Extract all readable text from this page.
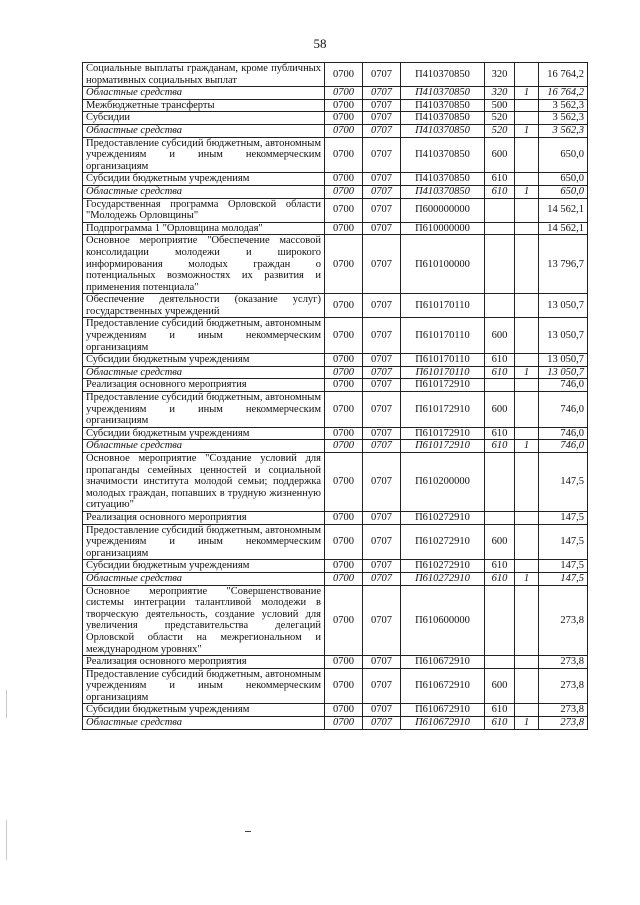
58
Социальные выплаты гражданам, кроме публичных нормативных социальных выплат	0700	0707	П410370850	320		16 764,2
Областные средства	0700	0707	П410370850	320	1	16 764,2
Межбюджетные трансферты	0700	0707	П410370850	500		3 562,3
Субсидии	0700	0707	П410370850	520		3 562,3
Областные средства	0700	0707	П410370850	520	1	3 562,3
Предоставление субсидий бюджетным, автономным учреждениям и иным некоммерческим организациям	0700	0707	П410370850	600		650,0
Субсидии бюджетным учреждениям	0700	0707	П410370850	610		650,0
Областные средства	0700	0707	П410370850	610	1	650,0
Государственная программа Орловской области "Молодежь Орловщины"	0700	0707	П600000000			14 562,1
Подпрограмма 1 "Орловщина молодая"	0700	0707	П610000000			14 562,1
Основное мероприятие "Обеспечение массовой консолидации молодежи и широкого информирования молодых граждан о потенциальных возможностях их развития и применения потенциала"	0700	0707	П610100000			13 796,7
Обеспечение деятельности (оказание услуг) государственных учреждений	0700	0707	П610170110			13 050,7
Предоставление субсидий бюджетным, автономным учреждениям и иным некоммерческим организациям	0700	0707	П610170110	600		13 050,7
Субсидии бюджетным учреждениям	0700	0707	П610170110	610		13 050,7
Областные средства	0700	0707	П610170110	610	1	13 050,7
Реализация основного мероприятия	0700	0707	П610172910			746,0
Предоставление субсидий бюджетным, автономным учреждениям и иным некоммерческим организациям	0700	0707	П610172910	600		746,0
Субсидии бюджетным учреждениям	0700	0707	П610172910	610		746,0
Областные средства	0700	0707	П610172910	610	1	746,0
Основное мероприятие "Создание условий для пропаганды семейных ценностей и социальной значимости института молодой семьи; поддержка молодых граждан, попавших в трудную жизненную ситуацию"	0700	0707	П610200000			147,5
Реализация основного мероприятия	0700	0707	П610272910			147,5
Предоставление субсидий бюджетным, автономным учреждениям и иным некоммерческим организациям	0700	0707	П610272910	600		147,5
Субсидии бюджетным учреждениям	0700	0707	П610272910	610		147,5
Областные средства	0700	0707	П610272910	610	1	147,5
Основное мероприятие "Совершенствование системы интеграции талантливой молодежи в творческую деятельность, создание условий для увеличения представительства делегаций Орловской области на межрегиональном и международном уровнях"	0700	0707	П610600000			273,8
Реализация основного мероприятия	0700	0707	П610672910			273,8
Предоставление субсидий бюджетным, автономным учреждениям и иным некоммерческим организациям	0700	0707	П610672910	600		273,8
Субсидии бюджетным учреждениям	0700	0707	П610672910	610		273,8
Областные средства	0700	0707	П610672910	610	1	273,8
